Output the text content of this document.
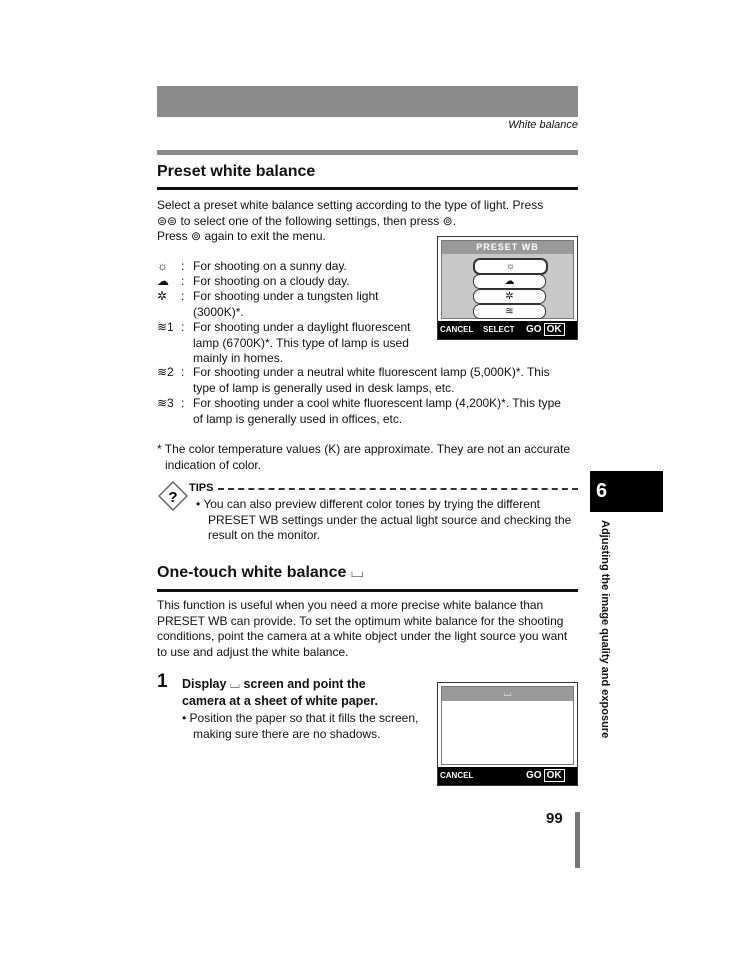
White balance
Preset white balance
Select a preset white balance setting according to the type of light. Press
⊜⊜ to select one of the following settings, then press ⊚.
Press ⊚ again to exit the menu.
☼	: For shooting on a sunny day.
☁	: For shooting on a cloudy day.
✲	: For shooting under a tungsten light
(3000K)*.
≋1 : For shooting under a daylight fluorescent
lamp (6700K)*. This type of lamp is used
mainly in homes.
≋2 : For shooting under a neutral white fluorescent lamp (5,000K)*. This
type of lamp is generally used in desk lamps, etc.
≋3 : For shooting under a cool white fluorescent lamp (4,200K)*. This type
of lamp is generally used in offices, etc.
* The color temperature values (K) are approximate. They are not an accurate
indication of color.
PRESET WB
☼
☁
✲
≋
CANCEL SELECT GO OK
?
TIPS
• You can also preview different color tones by trying the different
PRESET WB settings under the actual light source and checking the
result on the monitor.
One-touch white balance ⌴
This function is useful when you need a more precise white balance than
PRESET WB can provide. To set the optimum white balance for the shooting
conditions, point the camera at a white object under the light source you want
to use and adjust the white balance.
1 Display ⌴ screen and point the
camera at a sheet of white paper.
• Position the paper so that it fills the screen,
making sure there are no shadows.
⌴
CANCEL	GO OK
6
Adjusting the image quality and exposure
99
